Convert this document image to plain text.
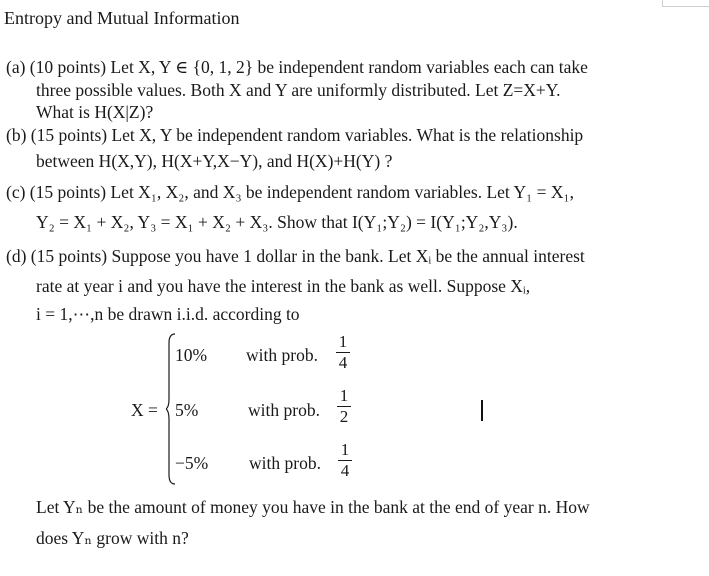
Entropy and Mutual Information
(a) (10 points) Let X, Y ∈ {0, 1, 2} be independent random variables each can take
three possible values. Both X and Y are uniformly distributed. Let Z=X+Y.
What is H(X|Z)?
(b) (15 points) Let X, Y be independent random variables. What is the relationship
between H(X,Y), H(X+Y,X−Y), and H(X)+H(Y) ?
(c) (15 points) Let X₁, X₂, and X₃ be independent random variables. Let Y₁ = X₁,
Y₂ = X₁ + X₂, Y₃ = X₁ + X₂ + X₃. Show that I(Y₁;Y₂) = I(Y₁;Y₂,Y₃).
(d) (15 points) Suppose you have 1 dollar in the bank. Let Xᵢ be the annual interest
rate at year i and you have the interest in the bank as well. Suppose Xᵢ,
i = 1,⋯,n be drawn i.i.d. according to
X =
10% with prob.
1
4
5%	with prob.
1
2
−5% with prob.
1
4
Let Yₙ be the amount of money you have in the bank at the end of year n. How
does Yₙ grow with n?
